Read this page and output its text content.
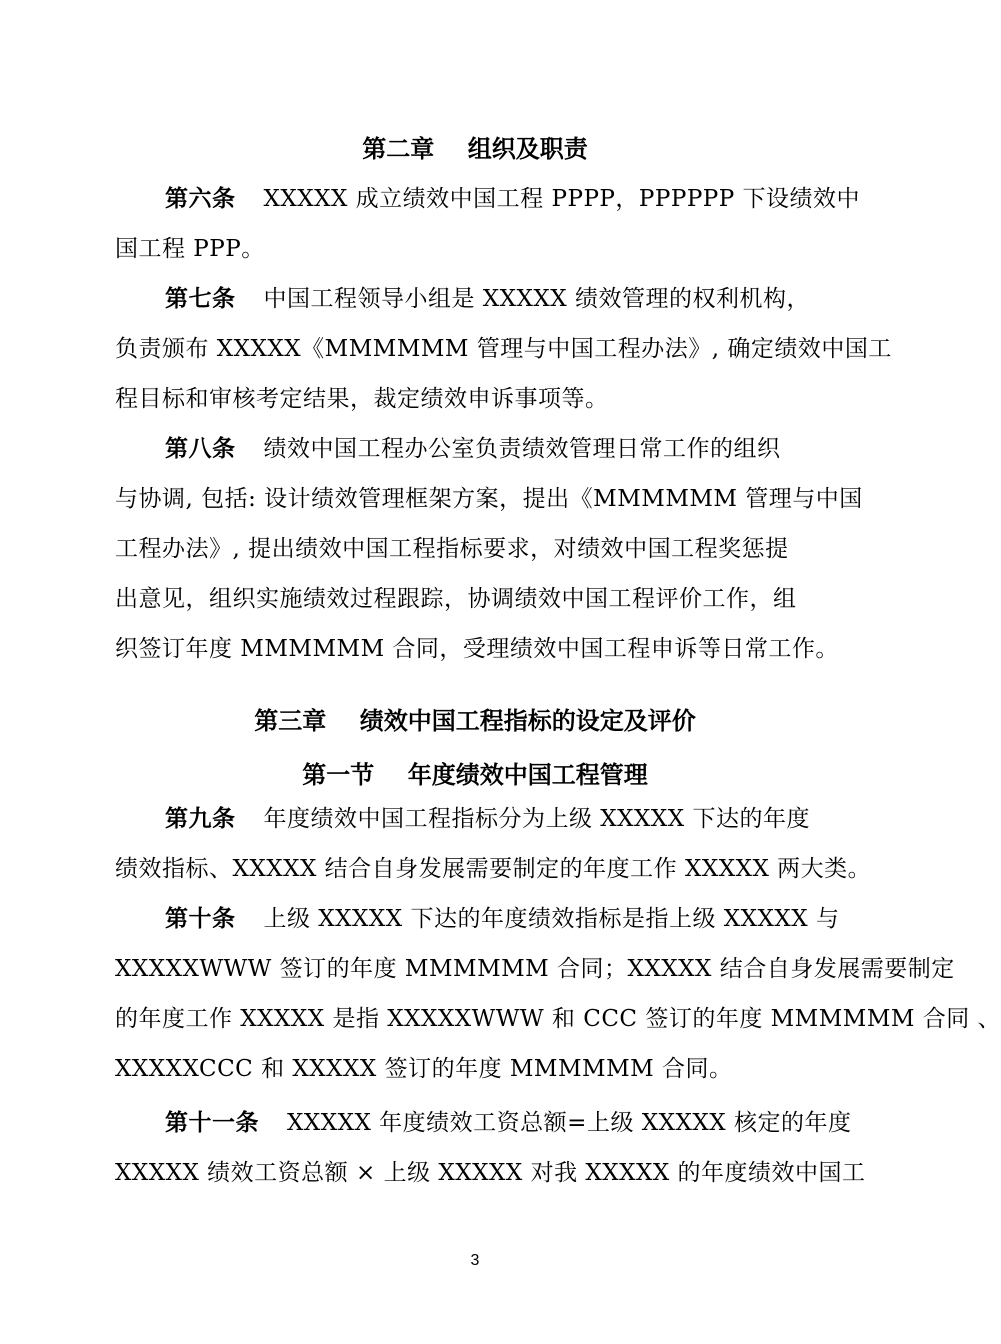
第二章    组织及职责
第六条 XXXXX 成立绩效中国工程 PPPP，PPPPPP 下设绩效中
国工程 PPP。
第七条 中国工程领导小组是 XXXXX 绩效管理的权利机构，
负责颁布 XXXXX《MMMMMM 管理与中国工程办法》, 确定绩效中国工
程目标和审核考定结果，裁定绩效申诉事项等。
第八条 绩效中国工程办公室负责绩效管理日常工作的组织
与协调, 包括: 设计绩效管理框架方案，提出《MMMMMM 管理与中国
工程办法》, 提出绩效中国工程指标要求，对绩效中国工程奖惩提
出意见，组织实施绩效过程跟踪，协调绩效中国工程评价工作，组
织签订年度 MMMMMM 合同，受理绩效中国工程申诉等日常工作。
第三章    绩效中国工程指标的设定及评价
第一节    年度绩效中国工程管理
第九条 年度绩效中国工程指标分为上级 XXXXX 下达的年度
绩效指标、XXXXX 结合自身发展需要制定的年度工作 XXXXX 两大类。
第十条 上级 XXXXX 下达的年度绩效指标是指上级 XXXXX 与
XXXXXWWW 签订的年度 MMMMMM 合同；XXXXX 结合自身发展需要制定
的年度工作 XXXXX 是指 XXXXXWWW 和 CCC 签订的年度 MMMMMM 合同 、
XXXXXCCC 和 XXXXX 签订的年度 MMMMMM 合同。
第十一条 XXXXX 年度绩效工资总额=上级 XXXXX 核定的年度
XXXXX 绩效工资总额 × 上级 XXXXX 对我 XXXXX 的年度绩效中国工
3
